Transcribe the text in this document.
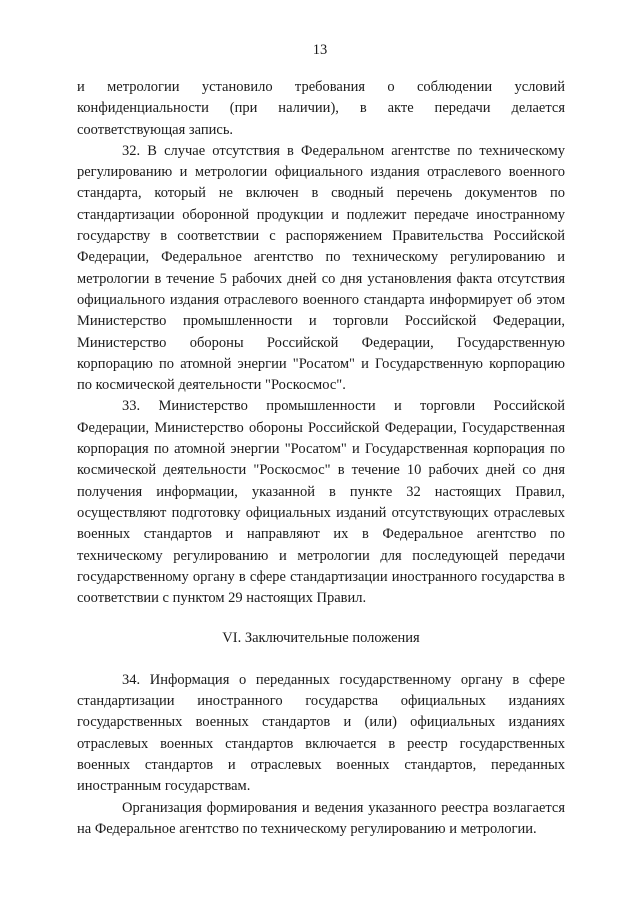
13

и метрологии установило требования о соблюдении условий конфиденциальности (при наличии), в акте передачи делается соответствующая запись.

32. В случае отсутствия в Федеральном агентстве по техническому регулированию и метрологии официального издания отраслевого военного стандарта, который не включен в сводный перечень документов по стандартизации оборонной продукции и подлежит передаче иностранному государству в соответствии с распоряжением Правительства Российской Федерации, Федеральное агентство по техническому регулированию и метрологии в течение 5 рабочих дней со дня установления факта отсутствия официального издания отраслевого военного стандарта информирует об этом Министерство промышленности и торговли Российской Федерации, Министерство обороны Российской Федерации, Государственную корпорацию по атомной энергии "Росатом" и Государственную корпорацию по космической деятельности "Роскосмос".

33. Министерство промышленности и торговли Российской Федерации, Министерство обороны Российской Федерации, Государственная корпорация по атомной энергии "Росатом" и Государственная корпорация по космической деятельности "Роскосмос" в течение 10 рабочих дней со дня получения информации, указанной в пункте 32 настоящих Правил, осуществляют подготовку официальных изданий отсутствующих отраслевых военных стандартов и направляют их в Федеральное агентство по техническому регулированию и метрологии для последующей передачи государственному органу в сфере стандартизации иностранного государства в соответствии с пунктом 29 настоящих Правил.

VI. Заключительные положения

34. Информация о переданных государственному органу в сфере стандартизации иностранного государства официальных изданиях государственных военных стандартов и (или) официальных изданиях отраслевых военных стандартов включается в реестр государственных военных стандартов и отраслевых военных стандартов, переданных иностранным государствам.

Организация формирования и ведения указанного реестра возлагается на Федеральное агентство по техническому регулированию и метрологии.
